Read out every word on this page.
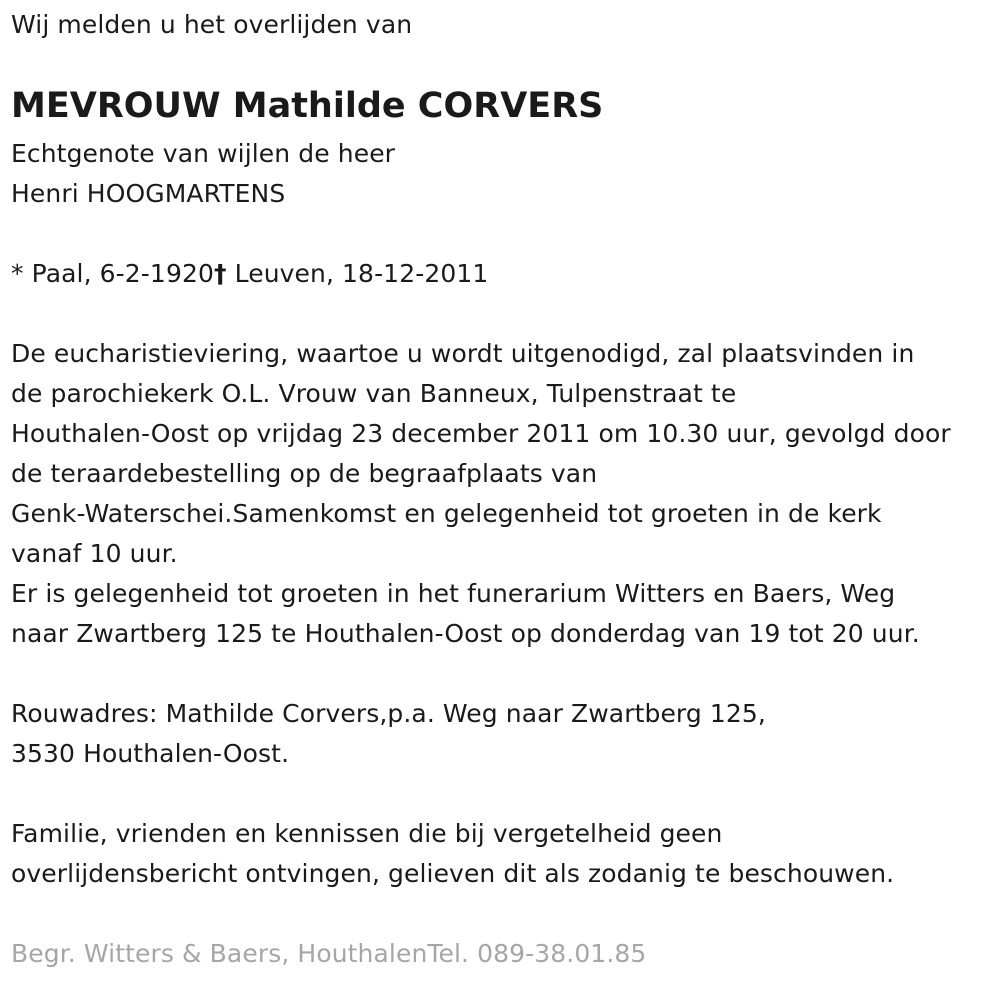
Wij melden u het overlijden van
MEVROUW Mathilde CORVERS
Echtgenote van wijlen de heer
Henri HOOGMARTENS
* Paal, 6-2-1920† Leuven, 18-12-2011
De eucharistieviering, waartoe u wordt uitgenodigd, zal plaatsvinden in
de parochiekerk O.L. Vrouw van Banneux, Tulpenstraat te
Houthalen-Oost op vrijdag 23 december 2011 om 10.30 uur, gevolgd door
de teraardebestelling op de begraafplaats van
Genk-Waterschei.Samenkomst en gelegenheid tot groeten in de kerk
vanaf 10 uur.
Er is gelegenheid tot groeten in het funerarium Witters en Baers, Weg
naar Zwartberg 125 te Houthalen-Oost op donderdag van 19 tot 20 uur.
Rouwadres: Mathilde Corvers,p.a. Weg naar Zwartberg 125,
3530 Houthalen-Oost.
Familie, vrienden en kennissen die bij vergetelheid geen
overlijdensbericht ontvingen, gelieven dit als zodanig te beschouwen.
Begr. Witters & Baers, HouthalenTel. 089-38.01.85
